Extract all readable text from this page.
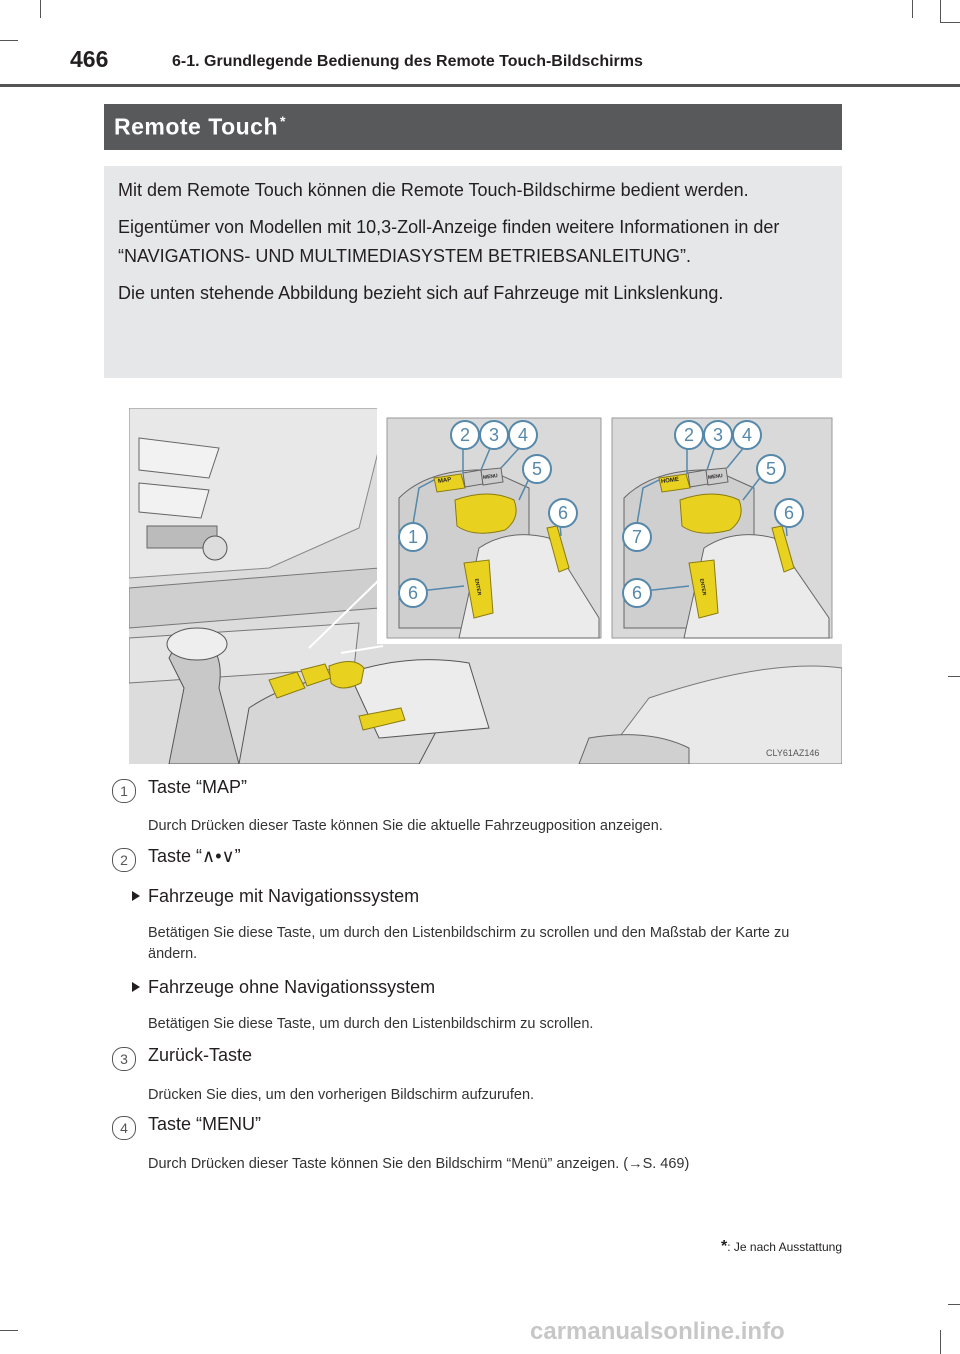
466	6-1. Grundlegende Bedienung des Remote Touch-Bildschirms
Remote Touch *

Mit dem Remote Touch können die Remote Touch-Bildschirme bedient werden.

Eigentümer von Modellen mit 10,3-Zoll-Anzeige finden weitere Informationen in der “NAVIGATIONS- UND MULTIMEDIASYSTEM BETRIEBSANLEITUNG”.

Die unten stehende Abbildung bezieht sich auf Fahrzeuge mit Linkslenkung.

2	3	4
5
6
1
6
2	3	4
5
6
7
6
MAP
MENU
ENTER
HOME	MENU
ENTER
CLY61AZ146
1	Taste “MAP”
Durch Drücken dieser Taste können Sie die aktuelle Fahrzeugposition anzeigen.
2	Taste “∧•∨”
Fahrzeuge mit Navigationssystem
Betätigen Sie diese Taste, um durch den Listenbildschirm zu scrollen und den Maßstab der Karte zu ändern.
Fahrzeuge ohne Navigationssystem
Betätigen Sie diese Taste, um durch den Listenbildschirm zu scrollen.
3	Zurück-Taste
Drücken Sie dies, um den vorherigen Bildschirm aufzurufen.
4	Taste “MENU”
Durch Drücken dieser Taste können Sie den Bildschirm “Menü” anzeigen. (→S. 469)
*: Je nach Ausstattung
carmanualsonline.info
